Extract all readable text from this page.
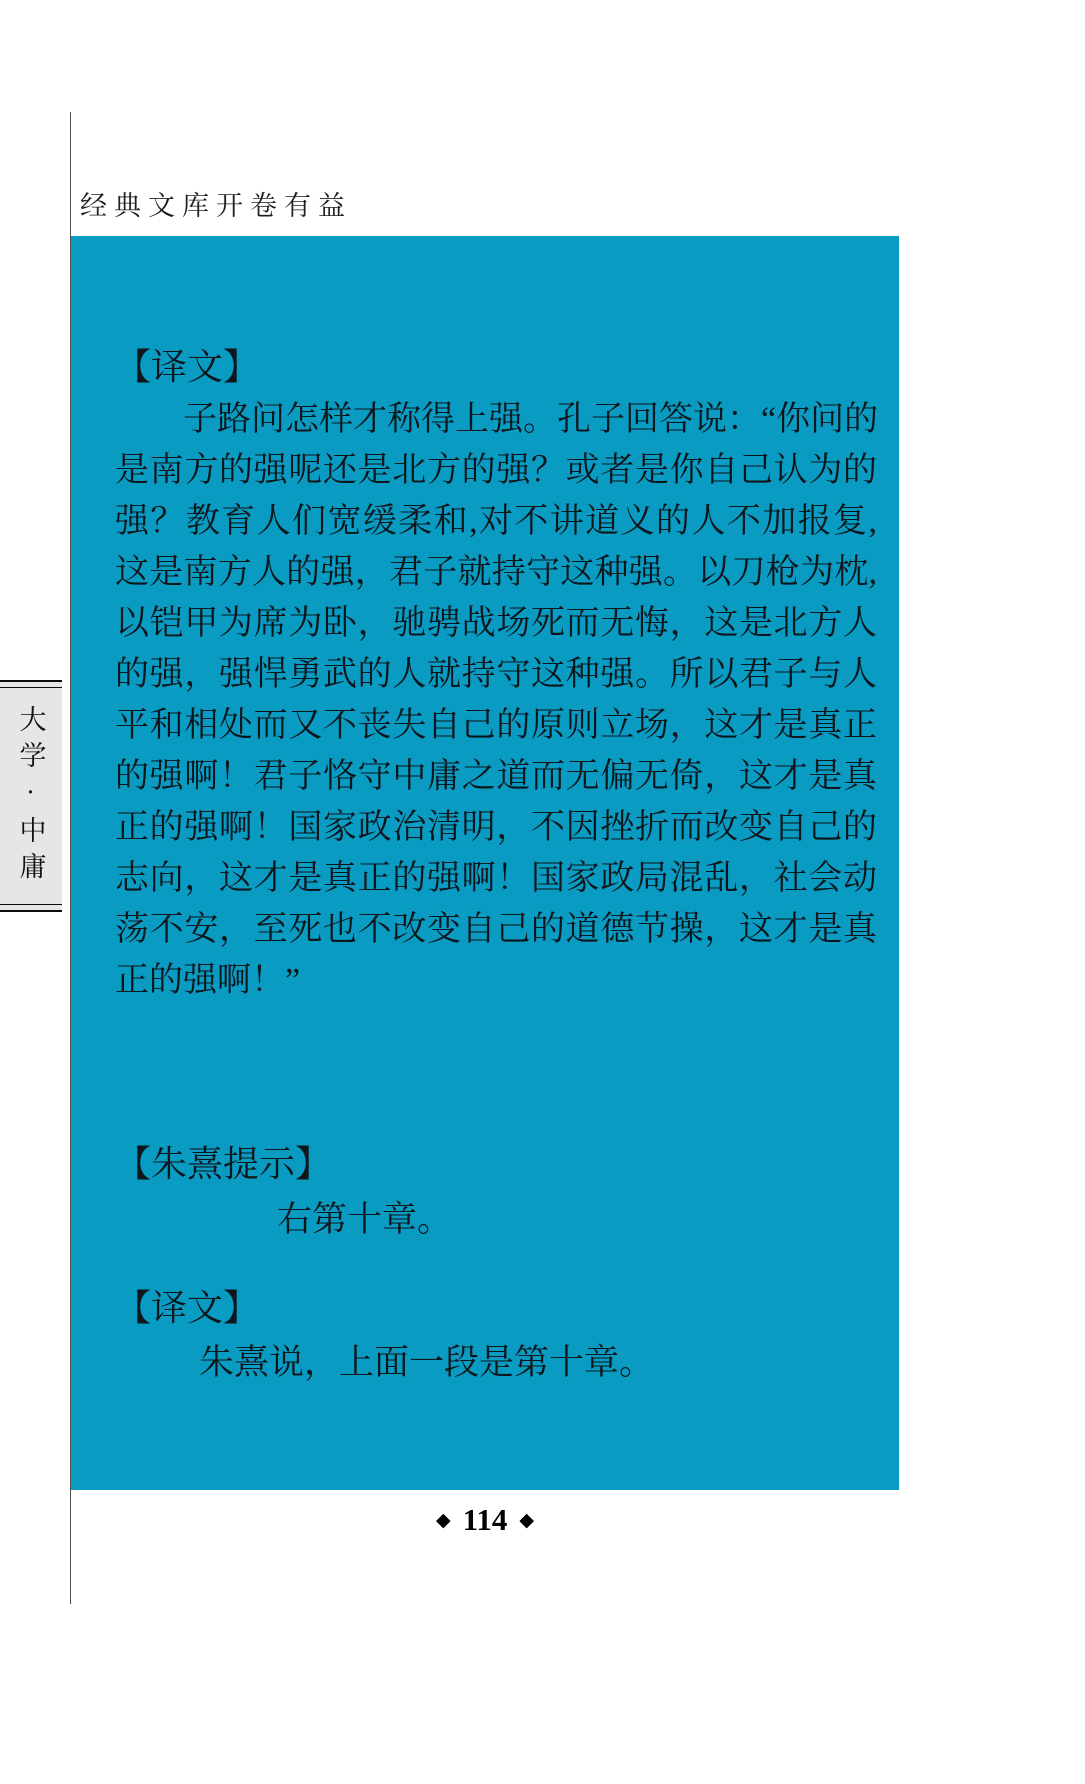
经典文库开卷有益
大学·中庸
【译文】
子路问怎样才称得上强。孔子回答说：“你问的
是南方的强呢还是北方的强？或者是你自己认为的
强？教育人们宽缓柔和,对不讲道义的人不加报复,
这是南方人的强，君子就持守这种强。以刀枪为枕,
以铠甲为席为卧，驰骋战场死而无悔，这是北方人
的强，强悍勇武的人就持守这种强。所以君子与人
平和相处而又不丧失自己的原则立场，这才是真正
的强啊！君子恪守中庸之道而无偏无倚，这才是真
正的强啊！国家政治清明，不因挫折而改变自己的
志向，这才是真正的强啊！国家政局混乱，社会动
荡不安，至死也不改变自己的道德节操，这才是真
正的强啊！”
【朱熹提示】
右第十章。
【译文】
朱熹说，上面一段是第十章。
◆ 114 ◆
